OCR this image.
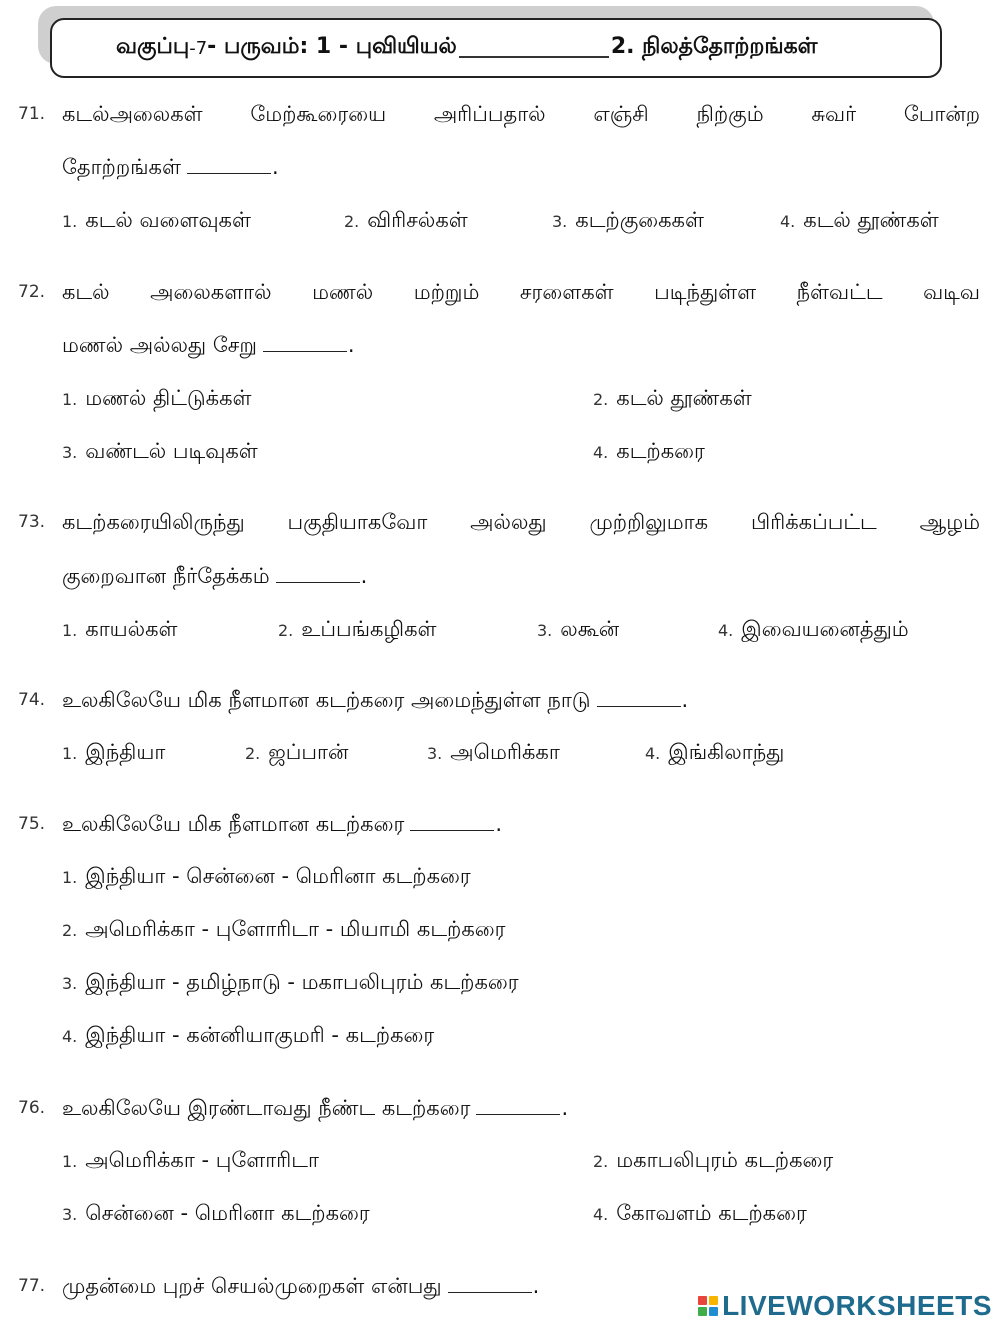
வகுப்பு -7 - பருவம்: 1 - புவியியல்	2. நிலத்தோற்றங்கள்
71. கடல்அலைகள் மேற்கூரையை அரிப்பதால் எஞ்சி நிற்கும் சுவர் போன்ற
தோற்றங்கள்	.
1. கடல் வளைவுகள்	2. விரிசல்கள்	3. கடற்குகைகள்	4. கடல் தூண்கள்
72. கடல் அலைகளால் மணல் மற்றும் சரளைகள் படிந்துள்ள நீள்வட்ட வடிவ
மணல் அல்லது சேறு	.
1. மணல் திட்டுக்கள்	2. கடல் தூண்கள்
3. வண்டல் படிவுகள்	4. கடற்கரை
73. கடற்கரையிலிருந்து பகுதியாகவோ அல்லது முற்றிலுமாக பிரிக்கப்பட்ட ஆழம்
குறைவான நீர்தேக்கம்	.
1. காயல்கள்	2. உப்பங்கழிகள்	3. லகூன்	4. இவையனைத்தும்
74. உலகிலேயே மிக நீளமான கடற்கரை அமைந்துள்ள நாடு	.
1. இந்தியா	2. ஜப்பான்	3. அமெரிக்கா	4. இங்கிலாந்து
75. உலகிலேயே மிக நீளமான கடற்கரை	.
1. இந்தியா - சென்னை - மெரினா கடற்கரை
2. அமெரிக்கா - புளோரிடா - மியாமி கடற்கரை
3. இந்தியா - தமிழ்நாடு - மகாபலிபுரம் கடற்கரை
4. இந்தியா - கன்னியாகுமரி - கடற்கரை
76. உலகிலேயே இரண்டாவது நீண்ட கடற்கரை	.
1. அமெரிக்கா - புளோரிடா	2. மகாபலிபுரம் கடற்கரை
3. சென்னை - மெரினா கடற்கரை	4. கோவளம் கடற்கரை
77. முதன்மை புறச் செயல்முறைகள் என்பது	.
LIVEWORKSHEETS
